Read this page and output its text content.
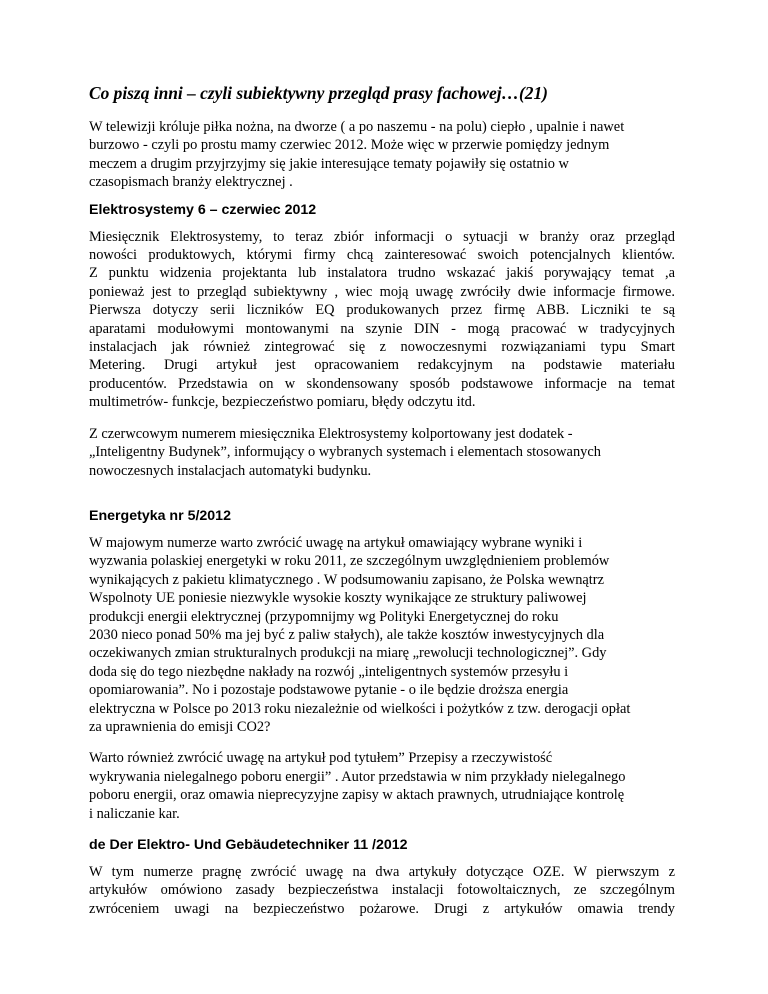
Co piszą inni – czyli subiektywny przegląd prasy fachowej…(21)

W telewizji króluje piłka nożna, na dworze ( a po naszemu - na polu) ciepło , upalnie i nawet
burzowo - czyli po prostu mamy czerwiec 2012. Może więc w przerwie pomiędzy jednym
meczem a drugim przyjrzyjmy się jakie interesujące tematy pojawiły się ostatnio w
czasopismach branży elektrycznej .

Elektrosystemy 6 – czerwiec 2012

Miesięcznik Elektrosystemy, to teraz zbiór informacji o sytuacji w branży oraz przegląd
nowości produktowych, którymi firmy chcą zainteresować swoich potencjalnych klientów.
Z punktu widzenia projektanta lub instalatora trudno wskazać jakiś porywający temat ,a
ponieważ jest to przegląd subiektywny , wiec moją uwagę zwróciły dwie informacje firmowe.
Pierwsza dotyczy serii liczników EQ produkowanych przez firmę ABB. Liczniki te są
aparatami modułowymi montowanymi na szynie DIN - mogą pracować w tradycyjnych
instalacjach jak również zintegrować się z nowoczesnymi rozwiązaniami typu Smart
Metering. Drugi artykuł jest opracowaniem redakcyjnym na podstawie materiału
producentów. Przedstawia on w skondensowany sposób podstawowe informacje na temat
multimetrów- funkcje, bezpieczeństwo pomiaru, błędy odczytu itd.

Z czerwcowym numerem miesięcznika Elektrosystemy kolportowany jest dodatek -
„Inteligentny Budynek”, informujący o wybranych systemach i elementach stosowanych
nowoczesnych instalacjach automatyki budynku.

Energetyka nr 5/2012

W majowym numerze warto zwrócić uwagę na artykuł omawiający wybrane wyniki i
wyzwania polaskiej energetyki w roku 2011, ze szczególnym uwzględnieniem problemów
wynikających z pakietu klimatycznego . W podsumowaniu zapisano, że Polska wewnątrz
Wspolnoty UE poniesie niezwykle wysokie koszty wynikające ze struktury paliwowej
produkcji energii elektrycznej (przypomnijmy wg Polityki Energetycznej do roku
2030 nieco ponad 50% ma jej być z paliw stałych), ale także kosztów inwestycyjnych dla
oczekiwanych zmian strukturalnych produkcji na miarę „rewolucji technologicznej”. Gdy
doda się do tego niezbędne nakłady na rozwój „inteligentnych systemów przesyłu i
opomiarowania”. No i pozostaje podstawowe pytanie - o ile będzie droższa energia
elektryczna w Polsce po 2013 roku niezależnie od wielkości i pożytków z tzw. derogacji opłat
za uprawnienia do emisji CO2?

Warto również zwrócić uwagę na artykuł pod tytułem” Przepisy a rzeczywistość
wykrywania nielegalnego poboru energii” . Autor przedstawia w nim przykłady nielegalnego
poboru energii, oraz omawia nieprecyzyjne zapisy w aktach prawnych, utrudniające kontrolę
i naliczanie kar.

de Der Elektro- Und Gebäudetechniker 11 /2012

W tym numerze pragnę zwrócić uwagę na dwa artykuły dotyczące OZE. W pierwszym z
artykułów omówiono zasady bezpieczeństwa instalacji fotowoltaicznych, ze szczególnym
zwróceniem uwagi na bezpieczeństwo pożarowe. Drugi z artykułów omawia trendy
